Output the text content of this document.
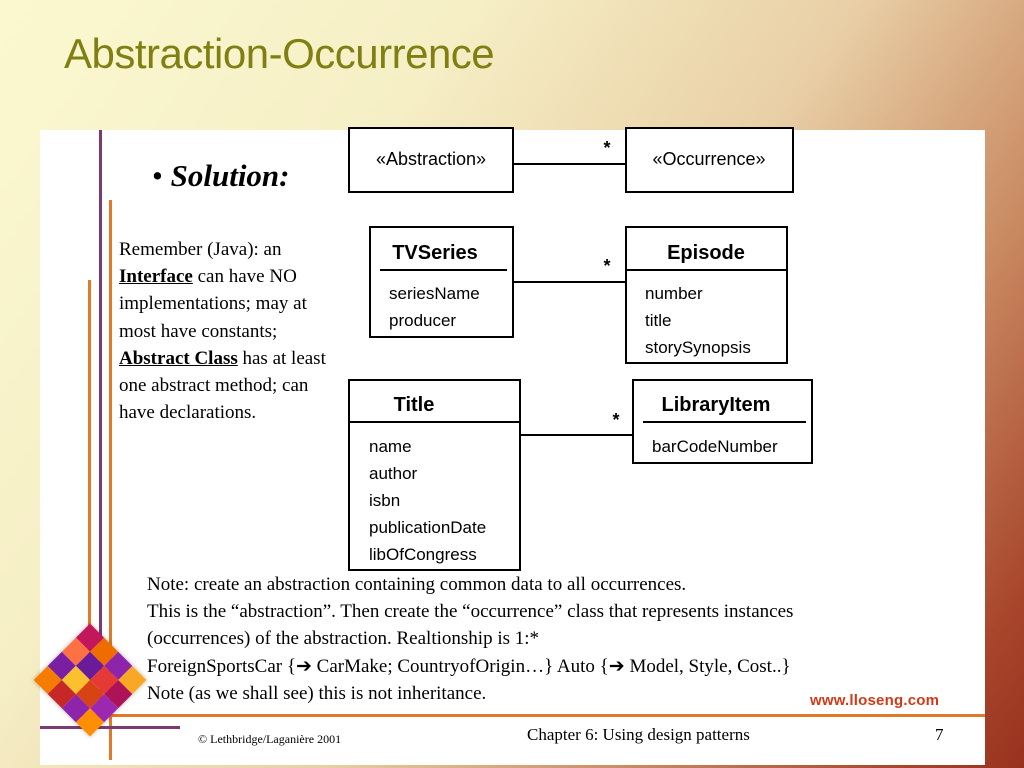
Abstraction-Occurrence
• Solution:
Remember (Java): an
Interface can have NO implementations; may at most have constants;
Abstract Class has at least one abstract method; can have declarations.
«Abstraction»	«Occurrence»
*
TVSeries
seriesName
producer
Episode
number
title
storySynopsis
*
Title
name
author
isbn
publicationDate
libOfCongress
LibraryItem
barCodeNumber
*
Note: create an abstraction containing common data to all occurrences.
This is the “abstraction”. Then create the “occurrence” class that represents instances
(occurrences) of the abstraction. Realtionship is 1:*
ForeignSportsCar {➔ CarMake; CountryofOrigin…} Auto {➔ Model, Style, Cost..}
Note (as we shall see) this is not inheritance.	www.lloseng.com
© Lethbridge/Laganière 2001	Chapter 6: Using design patterns	7
